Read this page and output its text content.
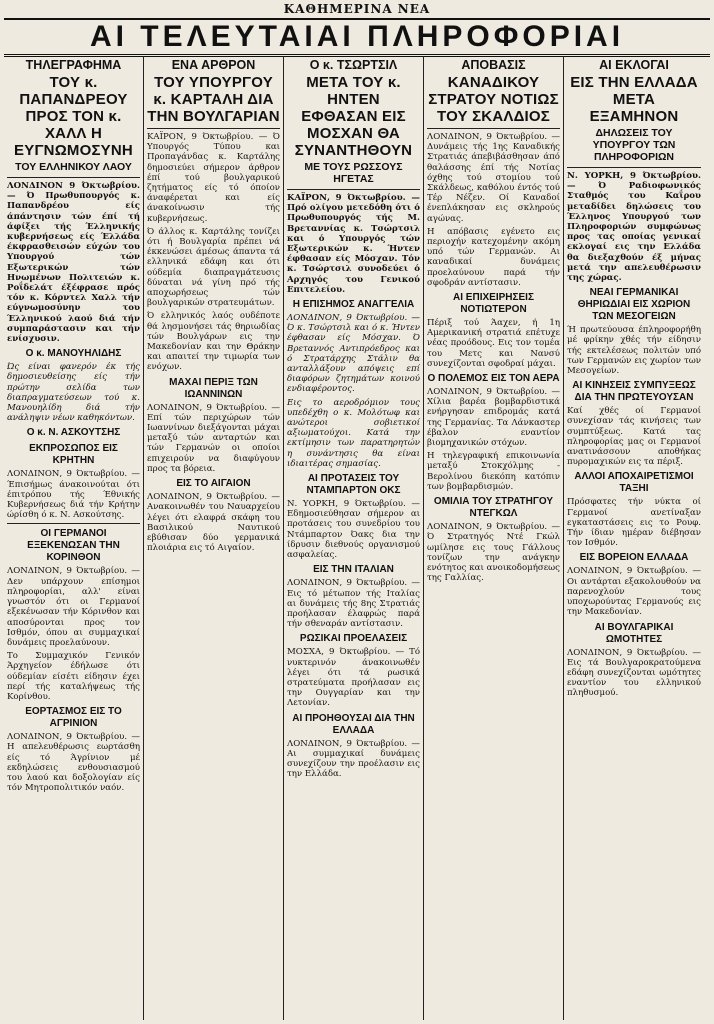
ΚΑΘΗΜΕΡΙΝΑ ΝΕΑ
ΑΙ ΤΕΛΕΥΤΑΙΑΙ ΠΛΗΡΟΦΟΡΙΑΙ
ΤΗΛΕΓΡΑΦΗΜΑ
ΤΟΥ κ. ΠΑΠΑΝΔΡΕΟΥ ΠΡΟΣ ΤΟΝ κ. ΧΑΛΛ Η ΕΥΓΝΩΜΟΣΥΝΗ
ΤΟΥ ΕΛΛΗΝΙΚΟΥ ΛΑΟΥ

ΛΟΝΔΙΝΟΝ 9 Όκτωβρίου. — Ό Πρωθυπουργός κ. Παπανδρέου είς άπάντησιν τών έπί τή άφίξει τής Έλληνικής κυβερνήσεως είς Έλλάδα έκφρασθεισών εύχών του Υπουργού τών Εξωτερικών τών Ηνωμένων Πολιτειών κ. Ροΐδελάτ έξέφρασε πρός τόν κ. Κόρντελ Χαλλ τήν εύγνωμοσύνην του Έλληνικού λαού διά τήν συμπαράστασιν και τήν ενίσχυσιν.

Ο κ. ΜΑΝΟΥΗΛΙΔΗΣ

Ώς είναι φανερόν έκ τής δημοσιευθείσης είς τήν πρώτην σελίδα των διαπραγματεύσεων τού κ. Μανουηλίδη διά τήν ανάληψιν νέων καθηκόντων.

Ο κ. Ν. ΑΣΚΟΥΤΣΗΣ
ΕΚΠΡΟΣΩΠΟΣ ΕΙΣ ΚΡΗΤΗΝ

ΛΟΝΔΙΝΟΝ, 9 Όκτωβρίου. — Έπισήμως άνακοινούται ότι έπιτρόπου τής Έθνικής Κυβερνήσεως διά τήν Κρήτην ώρίσθη ό κ. Ν. Ασκούτσης.

ΟΙ ΓΕΡΜΑΝΟΙ ΕΞΕΚΕΝΩΣΑΝ ΤΗΝ ΚΟΡΙΝΘΟΝ

ΛΟΝΔΙΝΟΝ, 9 Όκτωβρίου. — Δεν υπάρχουν επίσημοι πληροφορίαι, αλλ' είναι γνωστόν ότι οι Γερμανοί εξεκένωσαν τήν Κόρινθον και αποσύρονται προς τον Ισθμόν, όπου αι συμμαχικαί δυνάμεις προελαύνουν.

Το Συμμαχικόν Γενικόν Άρχηγείον έδήλωσε ότι ούδεμίαν είσέτι είδησιν έχει περί τής καταλήψεως τής Κορίνθου.

ΕΟΡΤΑΣΜΟΣ ΕΙΣ ΤΟ ΑΓΡΙΝΙΟΝ

ΛΟΝΔΙΝΟΝ, 9 Όκτωβρίου. — Η απελευθέρωσις εωρτάσθη είς τό Άγρίνιον μέ εκδηλώσεις ενθουσιασμού του λαού και δοξολογίαν είς τόν Μητροπολιτικόν ναόν.

ΕΝΑ ΑΡΘΡΟΝ
ΤΟΥ ΥΠΟΥΡΓΟΥ κ. ΚΑΡΤΑΛΗ ΔΙΑ ΤΗΝ ΒΟΥΛΓΑΡΙΑΝ

ΚΑΪΡΟΝ, 9 Όκτωβρίου. — Ό Υπουργός Τύπου και Προπαγάνδας κ. Καρτάλης δημοσιεύει σήμερον άρθρον έπί τού βουλγαρικού ζητήματος είς τό όποίον άναφέρεται και είς άνακοίνωσιν τής κυβερνήσεως.

Ό άλλος κ. Καρτάλης τονίζει ότι ή Βουλγαρία πρέπει νά έκκενώσει άμέσως άπαντα τά ελληνικά εδάφη και ότι ούδεμία διαπραγμάτευσις δύναται νά γίνη πρό τής αποχωρήσεως τών βουλγαρικών στρατευμάτων.

Ό ελληνικός λαός ουδέποτε θά λησμονήσει τάς θηριωδίας τών Βουλγάρων εις την Μακεδονίαν και την Θράκην και απαιτεί την τιμωρία των ενόχων.

ΜΑΧΑΙ ΠΕΡΙΞ ΤΩΝ ΙΩΑΝΝΙΝΩΝ

ΛΟΝΔΙΝΟΝ, 9 Όκτωβρίου. — Επί τών περιχώρων τών Ιωαννίνων διεξάγονται μάχαι μεταξύ τών ανταρτών και τών Γερμανών οι οποίοι επιχειρούν να διαφύγουν προς τα βόρεια.

ΕΙΣ ΤΟ ΑΙΓΑΙΟΝ

ΛΟΝΔΙΝΟΝ, 9 Όκτωβρίου. — Ανακοινωθέν του Ναυαρχείου λέγει ότι ελαφρά σκάφη του Βασιλικού Ναυτικού εβύθισαν δύο γερμανικά πλοιάρια εις τό Αιγαίον.

Ο κ. ΤΣΩΡΤΣΙΛ
ΜΕΤΑ ΤΟΥ κ. ΗΝΤΕΝ ΕΦΘΑΣΑΝ ΕΙΣ ΜΟΣΧΑΝ ΘΑ ΣΥΝΑΝΤΗΘΟΥΝ
ΜΕ ΤΟΥΣ ΡΩΣΣΟΥΣ ΗΓΕΤΑΣ

ΚΑΪΡΟΝ, 9 Όκτωβρίου. — Πρό ολίγου μετεδόθη ότι ό Πρωθυπουργός τής Μ. Βρεταννίας κ. Τσώρτσιλ και ό Υπουργός τών Εξωτερικών κ. Ήντεν έφθασαν είς Μόσχαν. Τόν κ. Τσώρτσιλ συνοδεύει ό Αρχηγός του Γενικού Επιτελείου.

Η ΕΠΙΣΗΜΟΣ ΑΝΑΓΓΕΛΙΑ

ΛΟΝΔΙΝΟΝ, 9 Όκτωβρίου. — Ό κ. Τσώρτσιλ και ό κ. Ήντεν έφθασαν είς Μόσχαν. Ό Βρεταννός Αντιπρόεδρος και ό Στρατάρχης Στάλιν θα ανταλλάξουν απόψεις επί διαφόρων ζητημάτων κοινού ενδιαφέροντος.

Εις το αεροδρόμιον τους υπεδέχθη ο κ. Μολότωφ και ανώτεροι σοβιετικοί αξιωματούχοι. Κατά την εκτίμησιν των παρατηρητών η συνάντησις θα είναι ιδιαιτέρας σημασίας.

ΑΙ ΠΡΟΤΑΣΕΙΣ ΤΟΥ ΝΤΑΜΠΑΡΤΟΝ ΟΚΣ

Ν. ΥΟΡΚΗ, 9 Όκτωβρίου. — Εδημοσιεύθησαν σήμερον αι προτάσεις του συνεδρίου του Ντάμπαρτον Όακς δια την ίδρυσιν διεθνούς οργανισμού ασφαλείας.

ΕΙΣ ΤΗΝ ΙΤΑΛΙΑΝ

ΛΟΝΔΙΝΟΝ, 9 Όκτωβρίου. — Εις τό μέτωπον τής Ιταλίας αι δυνάμεις τής 8ης Στρατιάς προήλασαν έλαφρώς παρά τήν σθεναράν αντίστασιν.

ΡΩΣΙΚΑΙ ΠΡΟΕΛΑΣΕΙΣ

ΜΟΣΧΑ, 9 Όκτωβρίου. — Τό νυκτερινόν άνακοινωθέν λέγει ότι τά ρωσικά στρατεύματα προήλασαν εις την Ουγγαρίαν και την Λετονίαν.

ΑΙ ΠΡΟΗΘΟΥΣΑΙ ΔΙΑ ΤΗΝ ΕΛΛΑΔΑ

ΛΟΝΔΙΝΟΝ, 9 Όκτωβρίου. — Αι συμμαχικαί δυνάμεις συνεχίζουν την προέλασιν εις την Ελλάδα.

ΑΠΟΒΑΣΙΣ
ΚΑΝΑΔΙΚΟΥ ΣΤΡΑΤΟΥ ΝΟΤΙΩΣ ΤΟΥ ΣΚΑΛΔΙΟΣ

ΛΟΝΔΙΝΟΝ, 9 Όκτωβρίου. — Δυνάμεις τής 1ης Καναδικής Στρατιάς άπεβιβάσθησαν άπό θαλάσσης έπί τής Νοτίας όχθης τού στομίου τού Σκάλδεως, καθόλου έντός τού Τέρ Νέζεν. Οί Καναδοί ένεπλάκησαν εις σκληρούς αγώνας.

Η απόβασις εγένετο εις περιοχήν κατεχομένην ακόμη υπό τών Γερμανών. Αι καναδικαί δυνάμεις προελαύνουν παρά τήν σφοδράν αντίστασιν.

ΑΙ ΕΠΙΧΕΙΡΗΣΕΙΣ ΝΟΤΙΩΤΕΡΟΝ

Πέριξ τού Άαχεν, ή 1η Αμερικανική στρατιά επέτυχε νέας προόδους. Εις τον τομέα του Μετς και Νανσύ συνεχίζονται σφοδραί μάχαι.

Ο ΠΟΛΕΜΟΣ ΕΙΣ ΤΟΝ ΑΕΡΑ

ΛΟΝΔΙΝΟΝ, 9 Όκτωβρίου. — Χίλια βαρέα βομβαρδιστικά ενήργησαν επιδρομάς κατά της Γερμανίας. Τα Λάνκαστερ έβαλον εναντίον βιομηχανικών στόχων.

Η τηλεγραφική επικοινωνία μεταξύ Στοκχόλμης - Βερολίνου διεκόπη κατόπιν των βομβαρδισμών.

ΟΜΙΛΙΑ ΤΟΥ ΣΤΡΑΤΗΓΟΥ ΝΤΕΓΚΩΛ

ΛΟΝΔΙΝΟΝ, 9 Όκτωβρίου. — Ό Στρατηγός Ντέ Γκώλ ωμίλησε εις τους Γάλλους τονίζων την ανάγκην ενότητος και ανοικοδομήσεως της Γαλλίας.

ΑΙ ΕΚΛΟΓΑΙ
ΕΙΣ ΤΗΝ ΕΛΛΑΔΑ ΜΕΤΑ ΕΞΑΜΗΝΟΝ
ΔΗΛΩΣΕΙΣ ΤΟΥ ΥΠΟΥΡΓΟΥ ΤΩΝ ΠΛΗΡΟΦΟΡΙΩΝ

Ν. ΥΟΡΚΗ, 9 Όκτωβρίου. — Ό Ραδιοφωνικός Σταθμός του Καΐρου μεταδίδει δηλώσεις του Έλληνος Υπουργού των Πληροφοριών συμφώνως προς τας οποίας γενικαί εκλογαί εις την Ελλάδα θα διεξαχθούν έξ μήνας μετά την απελευθέρωσιν της χώρας.

ΝΕΑΙ ΓΕΡΜΑΝΙΚΑΙ ΘΗΡΙΩΔΙΑΙ ΕΙΣ ΧΩΡΙΟΝ ΤΩΝ ΜΕΣΟΓΕΙΩΝ

Ή πρωτεύουσα έπληροφορήθη μέ φρίκην χθές τήν είδησιν τής εκτελέσεως πολιτών υπό των Γερμανών εις χωρίον των Μεσογείων.

ΑΙ ΚΙΝΗΣΕΙΣ ΣΥΜΠΥΞΕΩΣ ΔΙΑ ΤΗΝ ΠΡΩΤΕΥΟΥΣΑΝ

Καί χθές οί Γερμανοί συνεχίσαν τάς κινήσεις των συμπτύξεως. Κατά τας πληροφορίας μας οι Γερμανοί ανατινάσσουν αποθήκας πυρομαχικών εις τα πέριξ.

ΑΛΛΟΙ ΑΠΟΧΑΙΡΕΤΙΣΜΟΙ ΤΑΞΗΙ

Πρόσφατες τήν νύκτα οί Γερμανοί ανετίναξαν εγκαταστάσεις εις το Ρουφ. Τήν ίδιαν ημέραν διέβησαν τον Ισθμόν.

ΕΙΣ ΒΟΡΕΙΟΝ ΕΛΛΑΔΑ

ΛΟΝΔΙΝΟΝ, 9 Όκτωβρίου. — Οι αντάρται εξακολουθούν να παρενοχλούν τους υποχωρούντας Γερμανούς εις την Μακεδονίαν.

ΑΙ ΒΟΥΛΓΑΡΙΚΑΙ ΩΜΟΤΗΤΕΣ

ΛΟΝΔΙΝΟΝ, 9 Όκτωβρίου. — Εις τά Βουλγαροκρατούμενα εδάφη συνεχίζονται ωμότητες εναντίον του ελληνικού πληθυσμού.
